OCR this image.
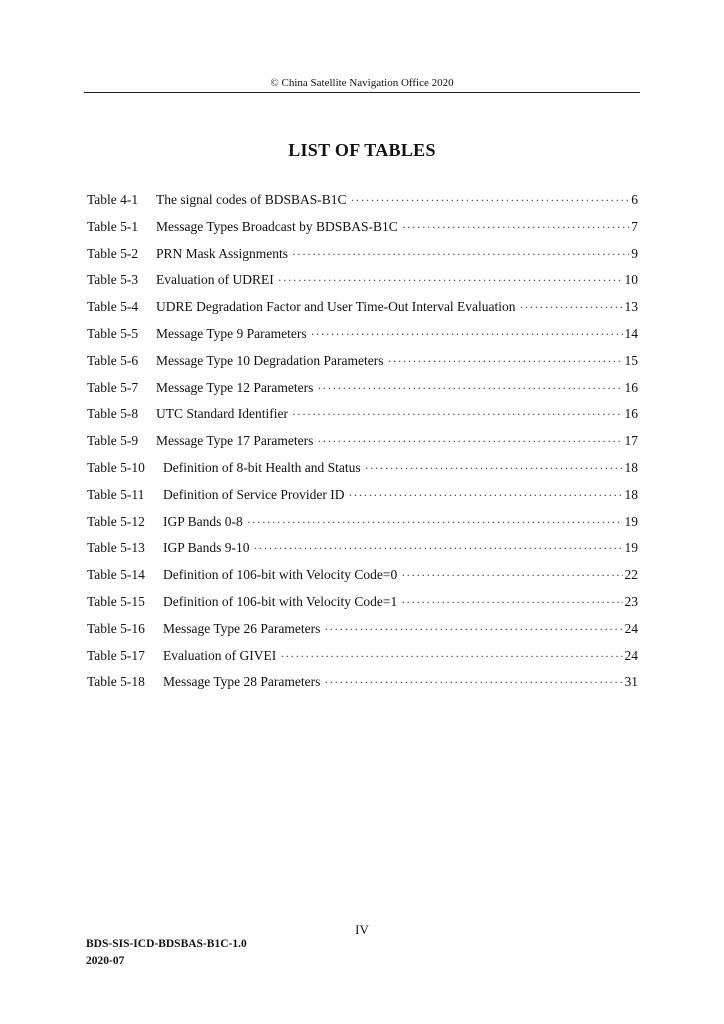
© China Satellite Navigation Office 2020
LIST OF TABLES
Table 4-1	The signal codes of BDSBAS-B1C ·····	6
Table 5-1	Message Types Broadcast by BDSBAS-B1C ·····	7
Table 5-2	PRN Mask Assignments ·····	9
Table 5-3	Evaluation of UDREI ·····	10
Table 5-4	UDRE Degradation Factor and User Time-Out Interval Evaluation ·····	13
Table 5-5	Message Type 9 Parameters ·····	14
Table 5-6	Message Type 10 Degradation Parameters ·····	15
Table 5-7	Message Type 12 Parameters ·····	16
Table 5-8	UTC Standard Identifier ·····	16
Table 5-9	Message Type 17 Parameters ·····	17
Table 5-10	Definition of 8-bit Health and Status ·····	18
Table 5-11	Definition of Service Provider ID ·····	18
Table 5-12	IGP Bands 0-8 ·····	19
Table 5-13	IGP Bands 9-10 ·····	19
Table 5-14	Definition of 106-bit with Velocity Code=0 ·····	22
Table 5-15	Definition of 106-bit with Velocity Code=1 ·····	23
Table 5-16	Message Type 26 Parameters ·····	24
Table 5-17	Evaluation of GIVEI ·····	24
Table 5-18	Message Type 28 Parameters ·····	31
IV
BDS-SIS-ICD-BDSBAS-B1C-1.0
2020-07
